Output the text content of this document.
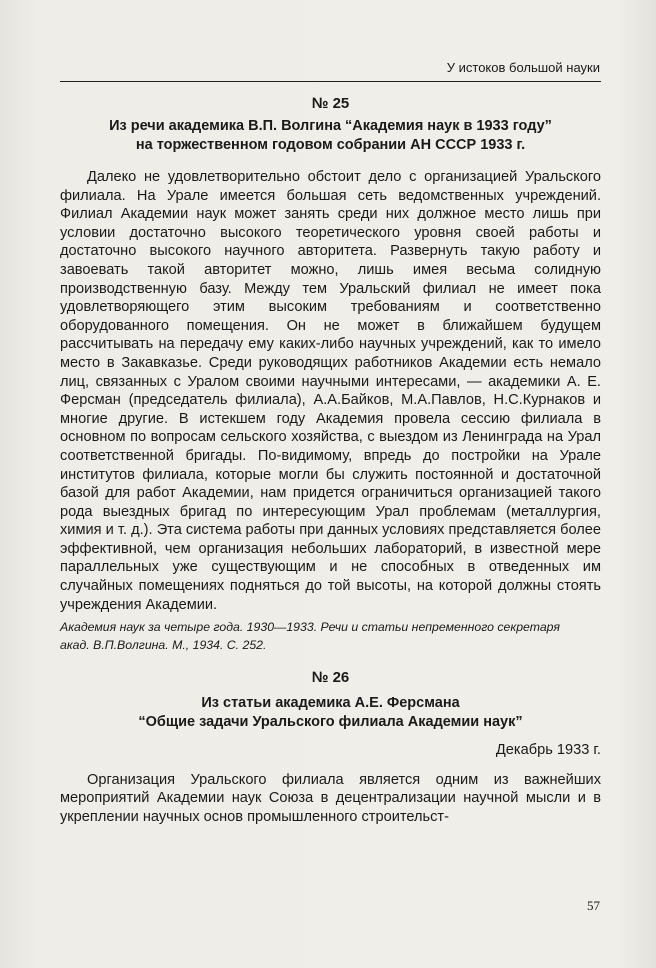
У истоков большой науки

№ 25

Из речи академика В.П. Волгина “Академия наук в 1933 году”

на торжественном годовом собрании АН СССР 1933 г.

Далеко не удовлетворительно обстоит дело с организацией Уральского филиала. На Урале имеется большая сеть ведомственных учреждений. Филиал Академии наук может занять среди них должное место лишь при условии достаточно высокого теоретического уровня своей работы и достаточно высокого научного авторитета. Развернуть такую работу и завоевать такой авторитет можно, лишь имея весьма солидную производственную базу. Между тем Уральский филиал не имеет пока удовлетворяющего этим высоким требованиям и соответственно оборудованного помещения. Он не может в ближайшем будущем рассчитывать на передачу ему каких-либо научных учреждений, как то имело место в Закавказье. Среди руководящих работников Академии есть немало лиц, связанных с Уралом своими научными интересами, — академики А. Е. Ферсман (председатель филиала), А.А.Байков, М.А.Павлов, Н.С.Курнаков и многие другие. В истекшем году Академия провела сессию филиала в основном по вопросам сельского хозяйства, с выездом из Ленинграда на Урал соответственной бригады. По-видимому, впредь до постройки на Урале институтов филиала, которые могли бы служить постоянной и достаточной базой для работ Академии, нам придется ограничиться организацией такого рода выездных бригад по интересующим Урал проблемам (металлургия, химия и т. д.). Эта система работы при данных условиях представляется более эффективной, чем организация небольших лабораторий, в известной мере параллельных уже существующим и не способных в отведенных им случайных помещениях подняться до той высоты, на которой должны стоять учреждения Академии.

Академия наук за четыре года. 1930—1933. Речи и статьи непременного секретаря
акад. В.П.Волгина. М., 1934. С. 252.

№ 26

Из статьи академика А.Е. Ферсмана

“Общие задачи Уральского филиала Академии наук”

Декабрь 1933 г.

Организация Уральского филиала является одним из важнейших мероприятий Академии наук Союза в децентрализации научной мысли и в укреплении научных основ промышленного строительст-

57
